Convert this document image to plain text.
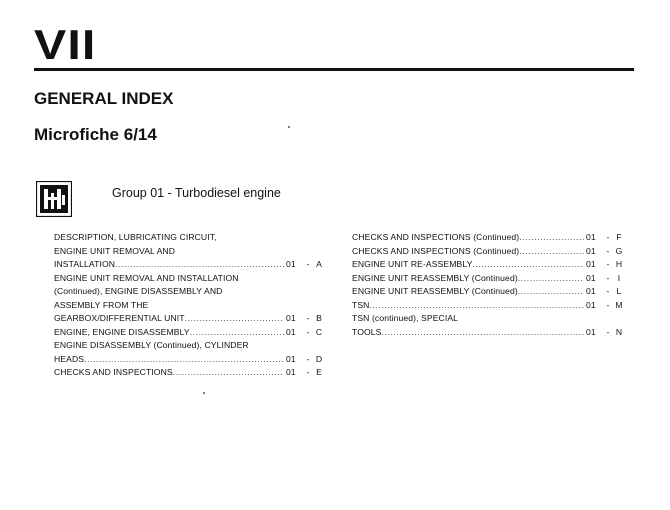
VII
GENERAL INDEX
Microfiche 6/14
Group 01 - Turbodiesel engine
DESCRIPTION, LUBRICATING CIRCUIT,
ENGINE UNIT REMOVAL AND
INSTALLATION .....	01	- A
ENGINE UNIT REMOVAL AND INSTALLATION
(Continued), ENGINE DISASSEMBLY AND
ASSEMBLY FROM THE
GEARBOX/DIFFERENTIAL UNIT .....	01	- B
ENGINE, ENGINE DISASSEMBLY .....	01	- C
ENGINE DISASSEMBLY (Continued), CYLINDER
HEADS .....	01	- D
CHECKS AND INSPECTIONS .....	01	- E
CHECKS AND INSPECTIONS (Continued) .....	01	- F
CHECKS AND INSPECTIONS (Continued) .....	01	- G
ENGINE UNIT RE-ASSEMBLY .....	01	- H
ENGINE UNIT REASSEMBLY (Continued) .....	01	- I
ENGINE UNIT REASSEMBLY (Continued) .....	01	- L
TSN .....	01	- M
TSN (continued), SPECIAL
TOOLS .....	01	- N
